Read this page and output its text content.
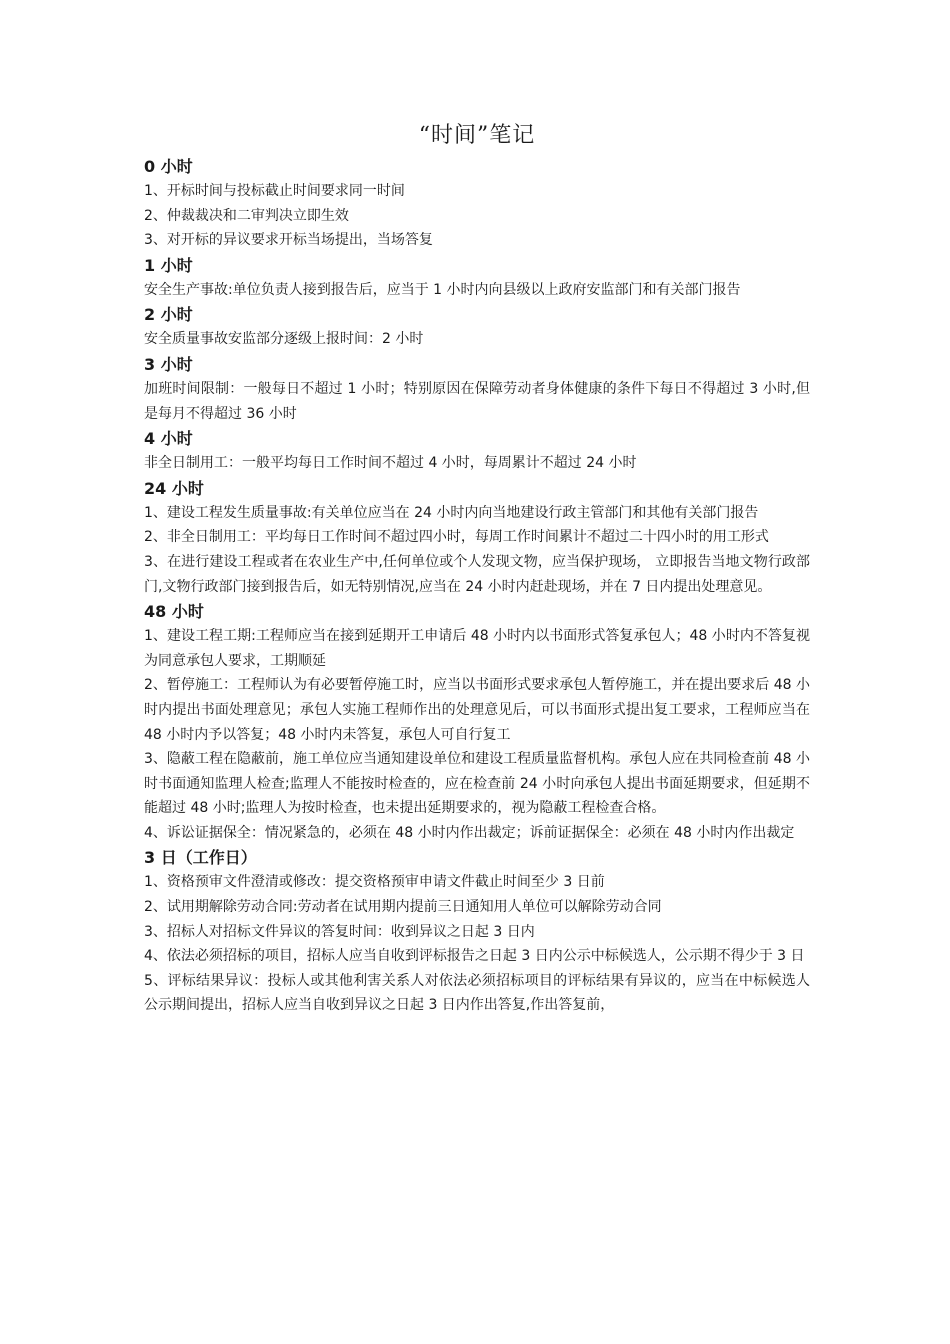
“时间”笔记
0 小时
1、开标时间与投标截止时间要求同一时间
2、仲裁裁决和二审判决立即生效
3、对开标的异议要求开标当场提出，当场答复
1 小时
安全生产事故:单位负责人接到报告后，应当于 1 小时内向县级以上政府安监部门和有关部门报告
2 小时
安全质量事故安监部分逐级上报时间：2 小时
3 小时
加班时间限制：一般每日不超过 1 小时；特别原因在保障劳动者身体健康的条件下每日不得超过 3 小时,但是每月不得超过 36 小时
4 小时
非全日制用工：一般平均每日工作时间不超过 4 小时，每周累计不超过 24 小时
24 小时
1、建设工程发生质量事故:有关单位应当在 24 小时内向当地建设行政主管部门和其他有关部门报告
2、非全日制用工：平均每日工作时间不超过四小时，每周工作时间累计不超过二十四小时的用工形式
3、在进行建设工程或者在农业生产中,任何单位或个人发现文物，应当保护现场， 立即报告当地文物行政部门,文物行政部门接到报告后，如无特别情况,应当在 24 小时内赶赴现场，并在 7 日内提出处理意见。
48 小时
1、建设工程工期:工程师应当在接到延期开工申请后 48 小时内以书面形式答复承包人；48 小时内不答复视为同意承包人要求，工期顺延
2、暂停施工：工程师认为有必要暂停施工时，应当以书面形式要求承包人暂停施工，并在提出要求后 48 小时内提出书面处理意见；承包人实施工程师作出的处理意见后，可以书面形式提出复工要求，工程师应当在 48 小时内予以答复；48 小时内未答复，承包人可自行复工
3、隐蔽工程在隐蔽前，施工单位应当通知建设单位和建设工程质量监督机构。承包人应在共同检查前 48 小时书面通知监理人检查;监理人不能按时检查的，应在检查前 24 小时向承包人提出书面延期要求，但延期不能超过 48 小时;监理人为按时检查，也未提出延期要求的，视为隐蔽工程检查合格。
4、诉讼证据保全：情况紧急的，必须在 48 小时内作出裁定；诉前证据保全：必须在 48 小时内作出裁定
3 日（工作日）
1、资格预审文件澄清或修改：提交资格预审申请文件截止时间至少 3 日前
2、试用期解除劳动合同:劳动者在试用期内提前三日通知用人单位可以解除劳动合同
3、招标人对招标文件异议的答复时间：收到异议之日起 3 日内
4、依法必须招标的项目，招标人应当自收到评标报告之日起 3 日内公示中标候选人，公示期不得少于 3 日
5、评标结果异议：投标人或其他利害关系人对依法必须招标项目的评标结果有异议的，应当在中标候选人公示期间提出，招标人应当自收到异议之日起 3 日内作出答复,作出答复前，
